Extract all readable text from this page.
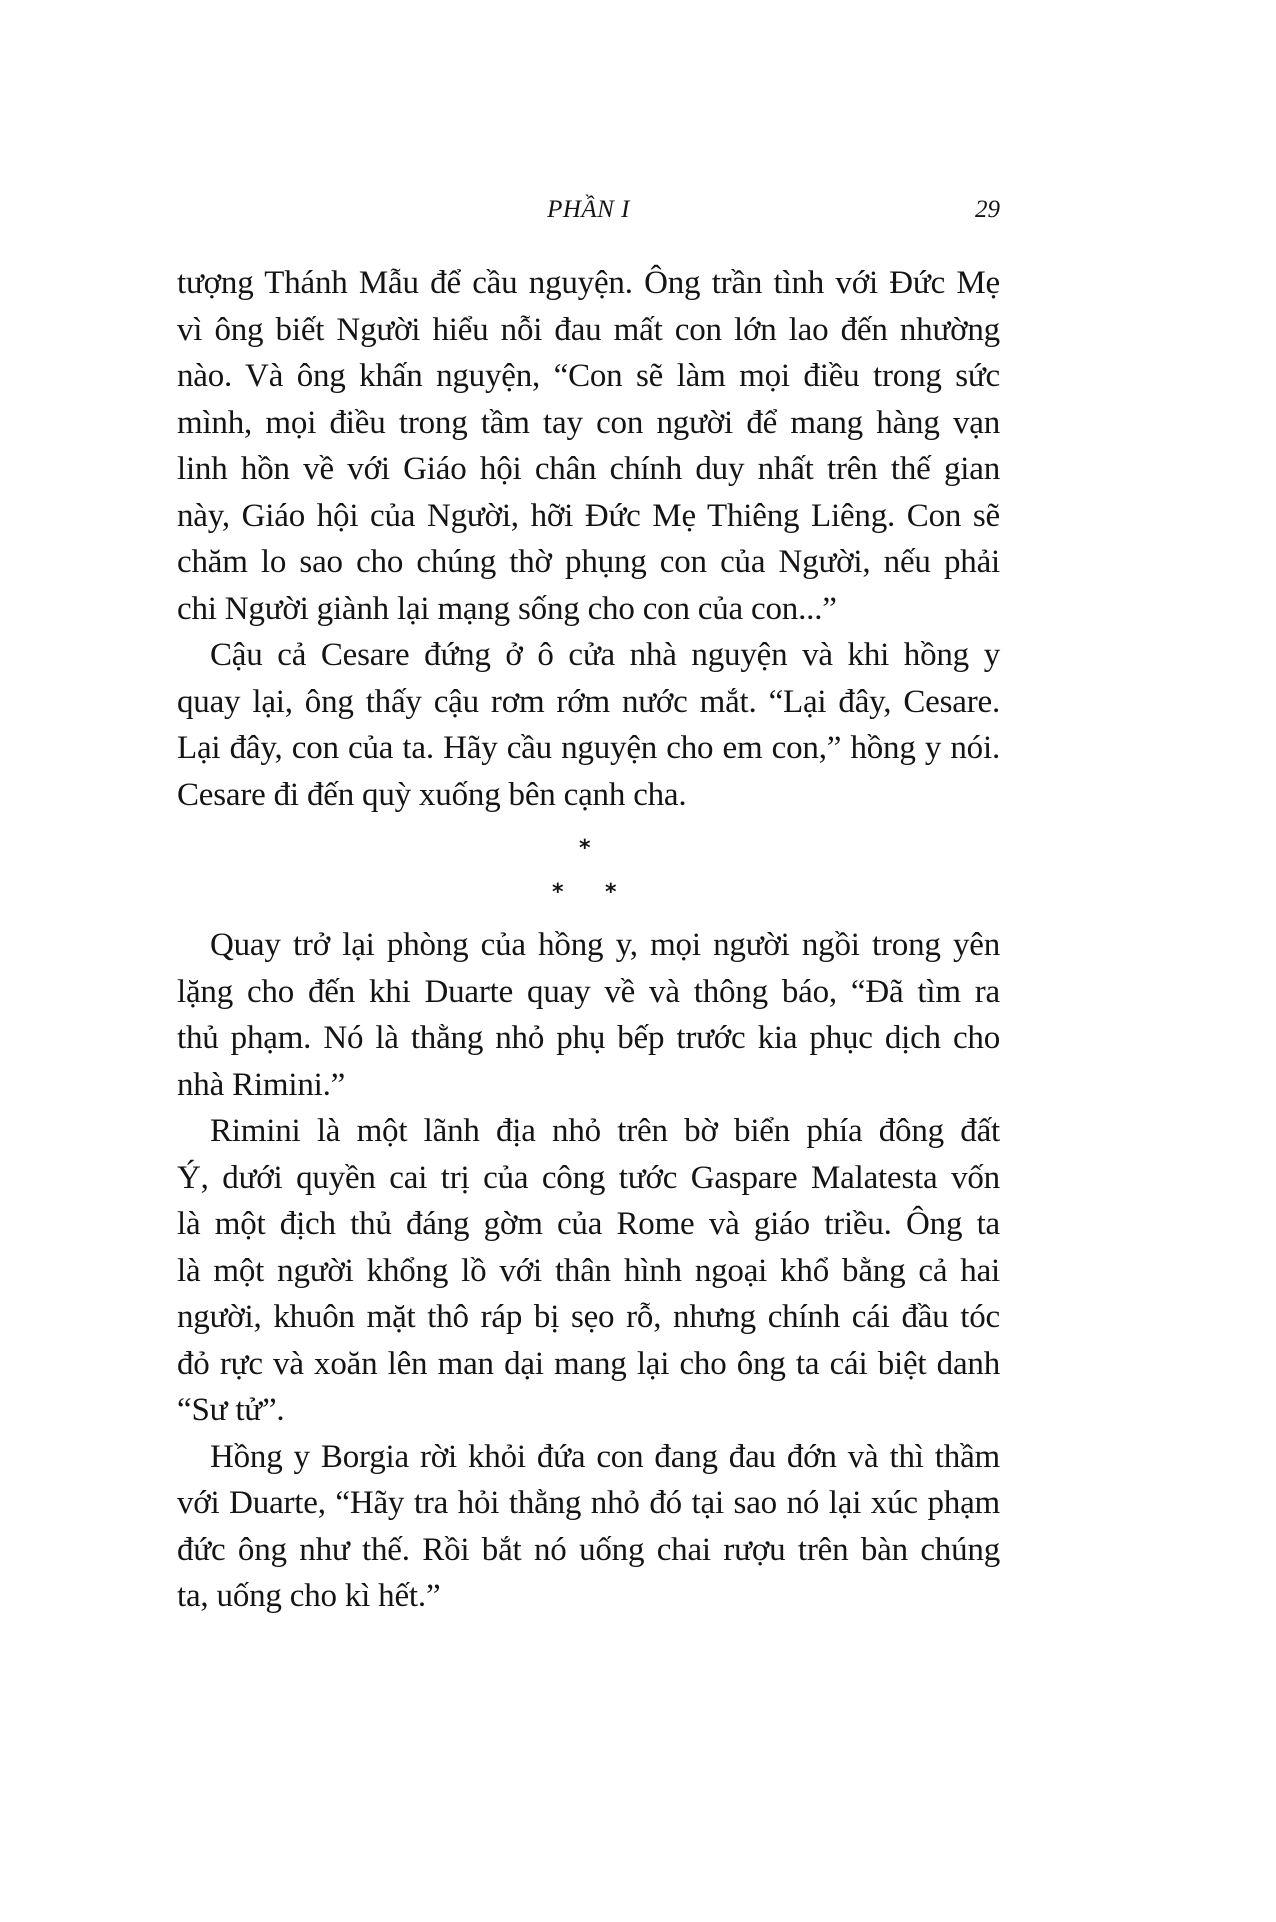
PHẦN I	29
tượng Thánh Mẫu để cầu nguyện. Ông trần tình với Đức Mẹ
vì ông biết Người hiểu nỗi đau mất con lớn lao đến nhường
nào. Và ông khấn nguyện, “Con sẽ làm mọi điều trong sức
mình, mọi điều trong tầm tay con người để mang hàng vạn
linh hồn về với Giáo hội chân chính duy nhất trên thế gian
này, Giáo hội của Người, hỡi Đức Mẹ Thiêng Liêng. Con sẽ
chăm lo sao cho chúng thờ phụng con của Người, nếu phải
chi Người giành lại mạng sống cho con của con...”
Cậu cả Cesare đứng ở ô cửa nhà nguyện và khi hồng y
quay lại, ông thấy cậu rơm rớm nước mắt. “Lại đây, Cesare.
Lại đây, con của ta. Hãy cầu nguyện cho em con,” hồng y nói.
Cesare đi đến quỳ xuống bên cạnh cha.
*
* *
Quay trở lại phòng của hồng y, mọi người ngồi trong yên
lặng cho đến khi Duarte quay về và thông báo, “Đã tìm ra
thủ phạm. Nó là thằng nhỏ phụ bếp trước kia phục dịch cho
nhà Rimini.”
Rimini là một lãnh địa nhỏ trên bờ biển phía đông đất
Ý, dưới quyền cai trị của công tước Gaspare Malatesta vốn
là một địch thủ đáng gờm của Rome và giáo triều. Ông ta
là một người khổng lồ với thân hình ngoại khổ bằng cả hai
người, khuôn mặt thô ráp bị sẹo rỗ, nhưng chính cái đầu tóc
đỏ rực và xoăn lên man dại mang lại cho ông ta cái biệt danh
“Sư tử”.
Hồng y Borgia rời khỏi đứa con đang đau đớn và thì thầm
với Duarte, “Hãy tra hỏi thằng nhỏ đó tại sao nó lại xúc phạm
đức ông như thế. Rồi bắt nó uống chai rượu trên bàn chúng
ta, uống cho kì hết.”
